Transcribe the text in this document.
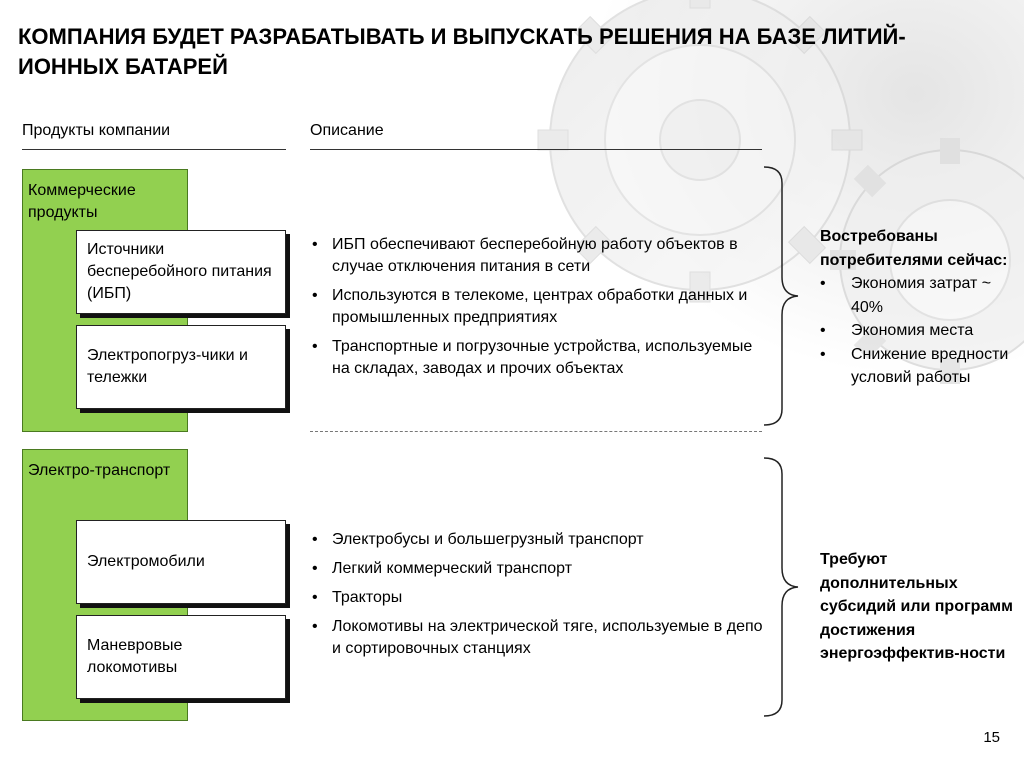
КОМПАНИЯ БУДЕТ РАЗРАБАТЫВАТЬ И ВЫПУСКАТЬ РЕШЕНИЯ НА БАЗЕ ЛИТИЙ-ИОННЫХ БАТАРЕЙ
Продукты компании	Описание
Коммерческие продукты
Источники бесперебойного питания (ИБП)
Электропогруз-чики и тележки
• ИБП обеспечивают бесперебойную работу объектов в случае отключения питания в сети
• Используются в телекоме, центрах обработки данных и промышленных предприятиях
• Транспортные и погрузочные устройства, используемые на складах, заводах и прочих объектах
Востребованы потребителями сейчас:
• Экономия затрат ~ 40%
• Экономия места
• Снижение вредности условий работы
Электро-транспорт
Электромобили
Маневровые локомотивы
• Электробусы и большегрузный транспорт
• Легкий коммерческий транспорт
• Тракторы
• Локомотивы на электрической тяге, используемые в депо и сортировочных станциях
Требуют дополнительных субсидий или программ достижения энергоэффектив-ности
15
